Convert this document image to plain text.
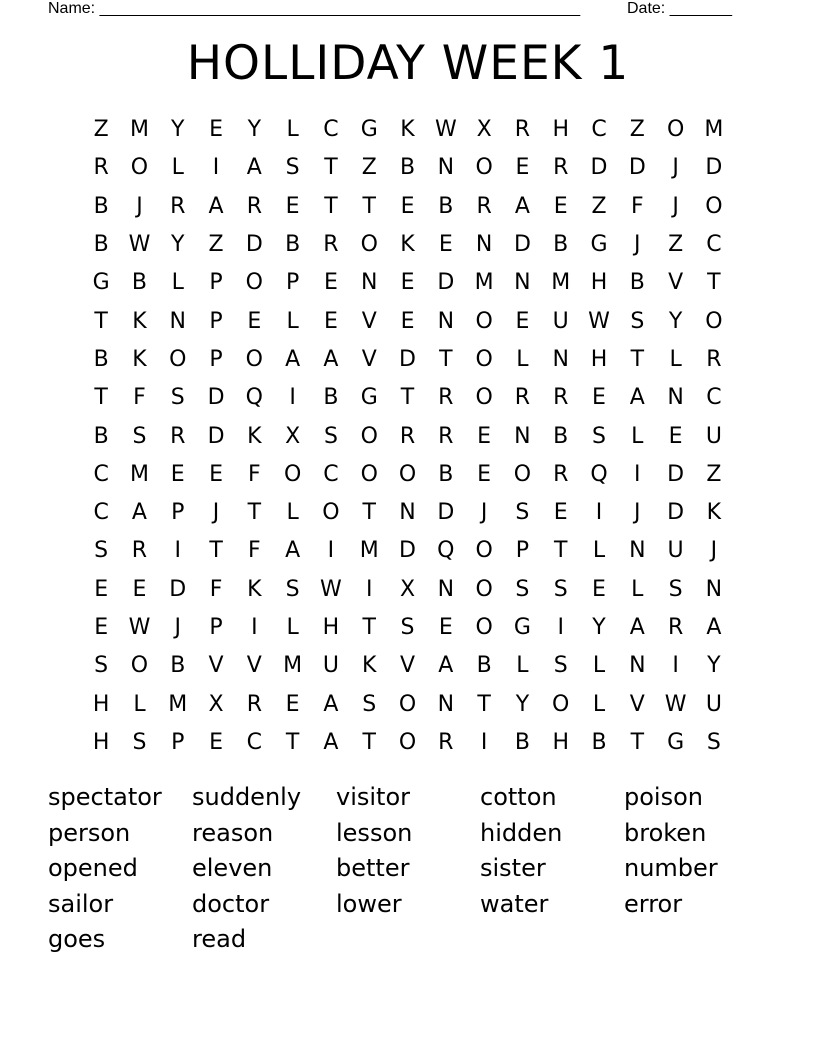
Name: ______________________________________________________	Date: _______
HOLLIDAY WEEK 1
Z M	Y	E	Y	L	C	G	K W X	R	H	C	Z	O M
R O	L	I	A	S	T	Z	B	N O	E	R	D D	J	D
B	J	R	A	R	E	T	T	E	B	R	A	E	Z	F	J	O
B W Y	Z	D	B	R O	K	E	N D	B	G	J	Z	C
G	B	L	P	O	P	E	N	E	D M N M H	B	V	T
T	K	N	P	E	L	E	V	E	N O	E	U W S	Y	O
B	K	O	P	O	A	A	V	D	T	O	L	N H	T	L	R
T	F	S	D Q	I	B	G	T	R O R	R	E	A	N	C
B	S	R	D	K	X	S	O R	R	E	N	B	S	L	E	U
C M E	E	F	O C O O	B	E	O R Q	I	D	Z
C	A	P	J	T	L	O	T	N D	J	S	E	I	J	D	K
S	R	I	T	F	A	I	M D Q O	P	T	L	N	U	J
E	E	D	F	K	S W	I	X	N O	S	S	E	L	S	N
E W	J	P	I	L	H	T	S	E	O G	I	Y	A	R	A
S	O	B	V	V M U	K	V	A	B	L	S	L	N	I	Y
H	L	M X	R	E	A	S	O N	T	Y	O	L	V W U
H	S	P	E	C	T	A	T	O R	I	B	H	B	T	G	S
spectator	suddenly	visitor	cotton	poison
person	reason	lesson	hidden	broken
opened	eleven	better	sister	number
sailor	doctor	lower	water	error
goes	read
